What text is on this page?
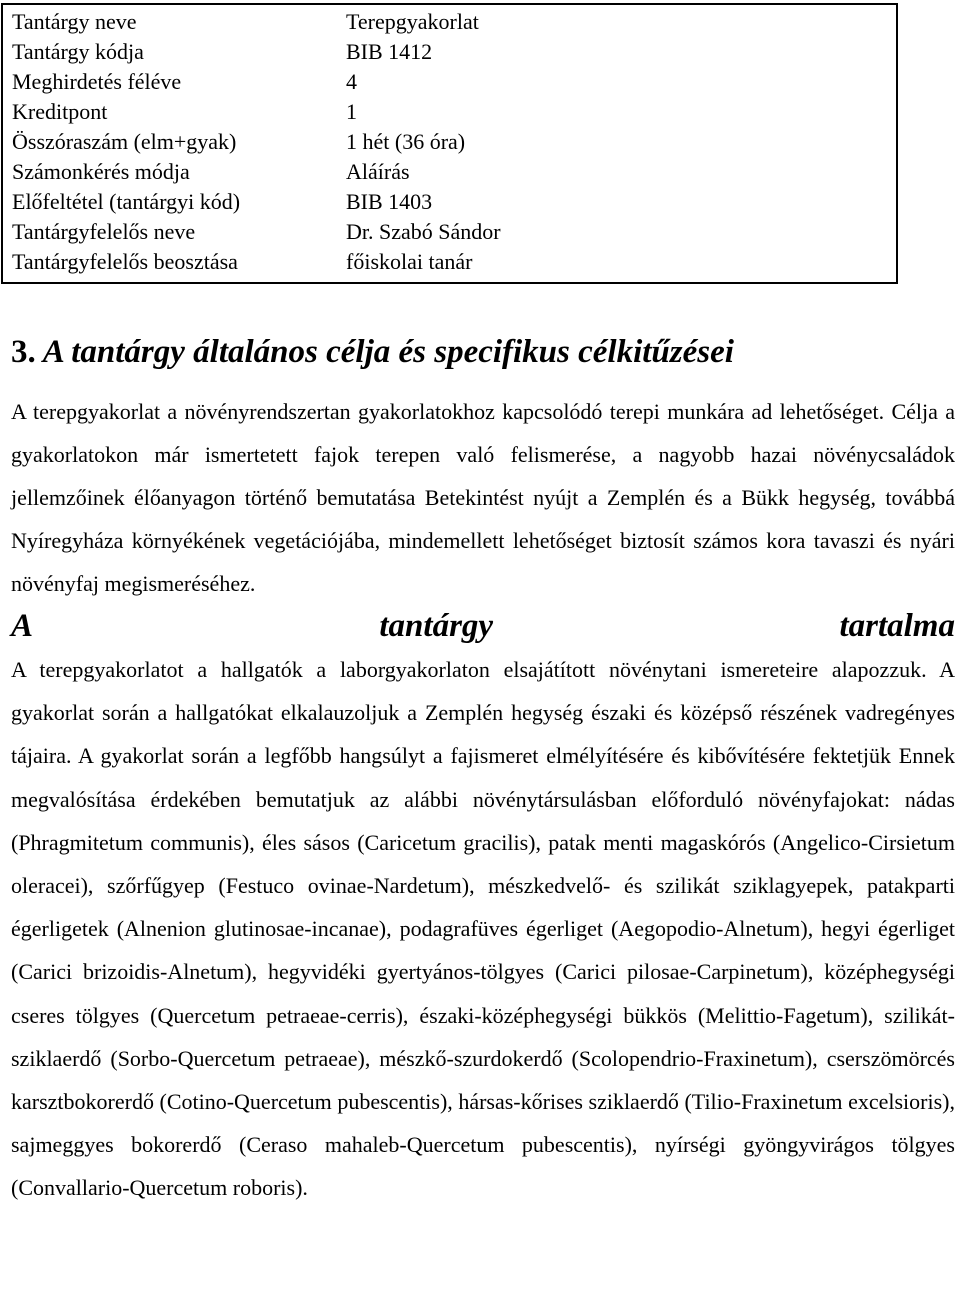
Tantárgy neve	Terepgyakorlat
Tantárgy kódja	BIB 1412
Meghirdetés féléve	4
Kreditpont	1
Összóraszám (elm+gyak)	1 hét (36 óra)
Számonkérés módja	Aláírás
Előfeltétel (tantárgyi kód)	BIB 1403
Tantárgyfelelős neve	Dr. Szabó Sándor
Tantárgyfelelős beosztása	főiskolai tanár
3. A tantárgy általános célja és specifikus célkitűzései

A terepgyakorlat a növényrendszertan gyakorlatokhoz kapcsolódó terepi munkára ad lehetőséget. Célja a gyakorlatokon már ismertetett fajok terepen való felismerése, a nagyobb hazai növénycsaládok jellemzőinek élőanyagon történő bemutatása Betekintést nyújt a Zemplén és a Bükk hegység, továbbá Nyíregyháza környékének vegetációjába, mindemellett lehetőséget biztosít számos kora tavaszi és nyári növényfaj megismeréséhez.

A	tantárgy	tartalma

A terepgyakorlatot a hallgatók a laborgyakorlaton elsajátított növénytani ismereteire alapozzuk. A gyakorlat során a hallgatókat elkalauzoljuk a Zemplén hegység északi és középső részének vadregényes tájaira. A gyakorlat során a legfőbb hangsúlyt a fajismeret elmélyítésére és kibővítésére fektetjük Ennek megvalósítása érdekében bemutatjuk az alábbi növénytársulásban előforduló növényfajokat: nádas (Phragmitetum communis), éles sásos (Caricetum gracilis), patak menti magaskórós (Angelico-Cirsietum oleracei), szőrfűgyep (Festuco ovinae-Nardetum), mészkedvelő- és szilikát sziklagyepek, patakparti égerligetek (Alnenion glutinosae-incanae), podagrafüves égerliget (Aegopodio-Alnetum), hegyi égerliget (Carici brizoidis-Alnetum), hegyvidéki gyertyános-tölgyes (Carici pilosae-Carpinetum), középhegységi cseres tölgyes (Quercetum petraeae-cerris), északi-középhegységi bükkös (Melittio-Fagetum), szilikát-sziklaerdő (Sorbo-Quercetum petraeae), mészkő-szurdokerdő (Scolopendrio-Fraxinetum), cserszömörcés karsztbokorerdő (Cotino-Quercetum pubescentis), hársas-kőrises sziklaerdő (Tilio-Fraxinetum excelsioris), sajmeggyes bokorerdő (Ceraso mahaleb-Quercetum pubescentis), nyírségi gyöngyvirágos tölgyes (Convallario-Quercetum roboris).
